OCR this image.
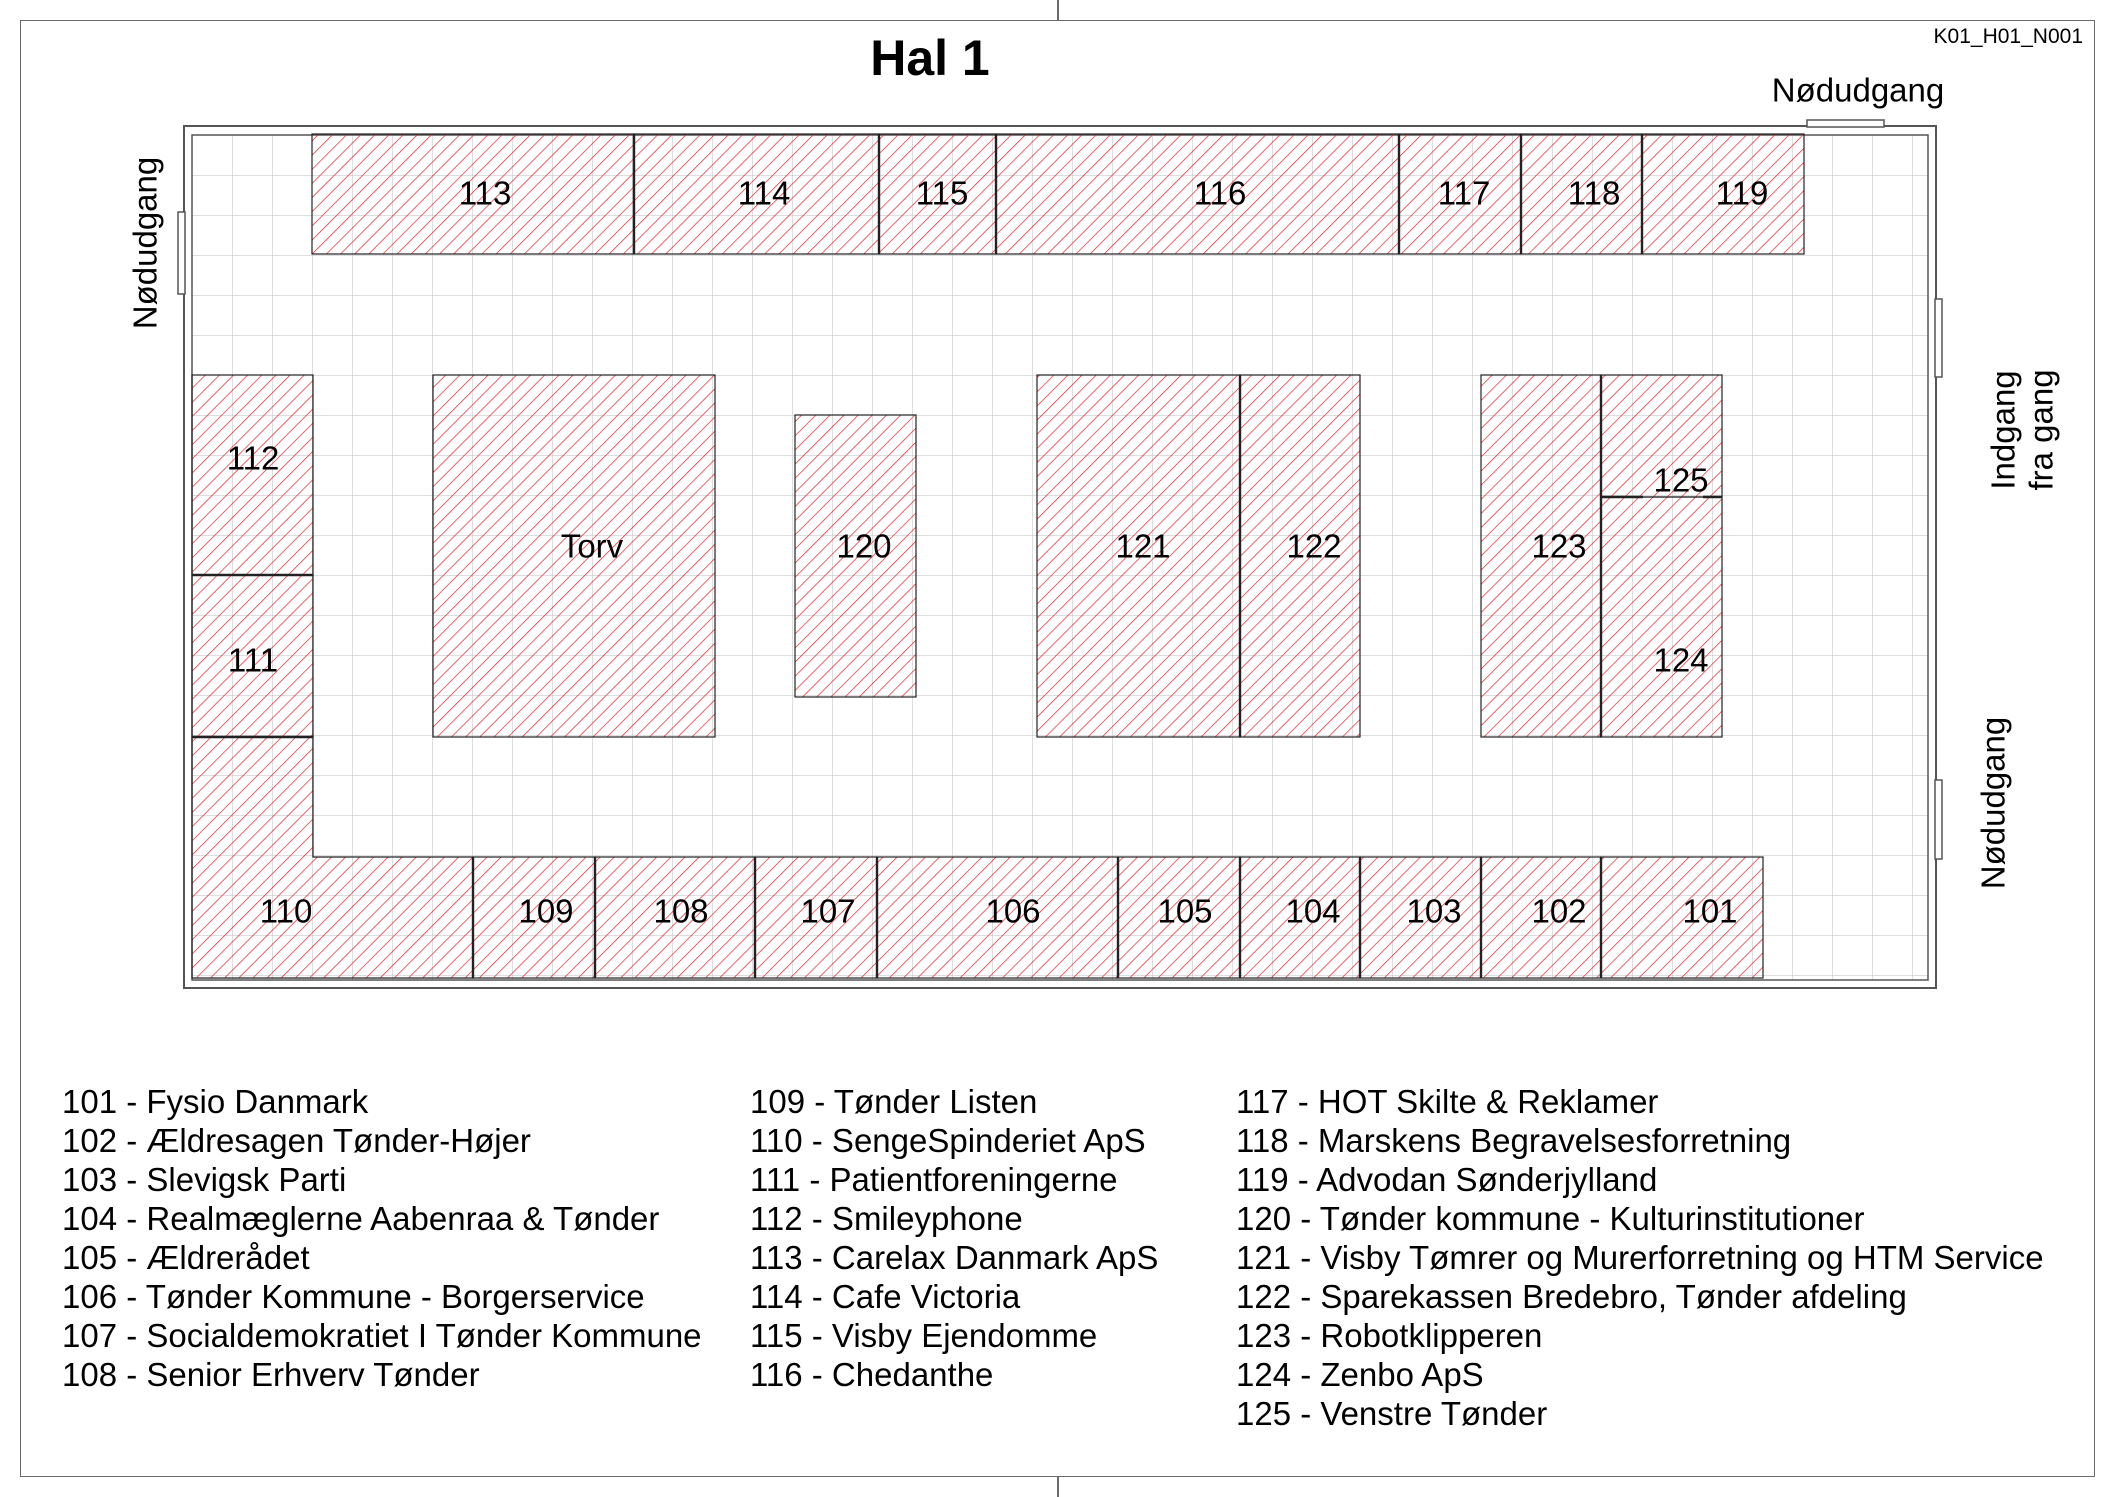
Hal 1	K01_H01_N001
113	114	115	116	117 118	119
112
111
Torv	120	121	122	123
125
124
110	109 108	107	106	105 104 103 102	101
Nødudgang
Nødudgang
Indgang fra gang
Nødudgang
101 - Fysio Danmark
102 - Ældresagen Tønder-Højer
103 - Slevigsk Parti
104 - Realmæglerne Aabenraa & Tønder
105 - Ældrerådet
106 - Tønder Kommune - Borgerservice
107 - Socialdemokratiet I Tønder Kommune
108 - Senior Erhverv Tønder
109 - Tønder Listen
110 - SengeSpinderiet ApS
111 - Patientforeningerne
112 - Smileyphone
113 - Carelax Danmark ApS
114 - Cafe Victoria
115 - Visby Ejendomme
116 - Chedanthe
117 - HOT Skilte & Reklamer
118 - Marskens Begravelsesforretning
119 - Advodan Sønderjylland
120 - Tønder kommune - Kulturinstitutioner
121 - Visby Tømrer og Murerforretning og HTM Service
122 - Sparekassen Bredebro, Tønder afdeling
123 - Robotklipperen
124 - Zenbo ApS
125 - Venstre Tønder
